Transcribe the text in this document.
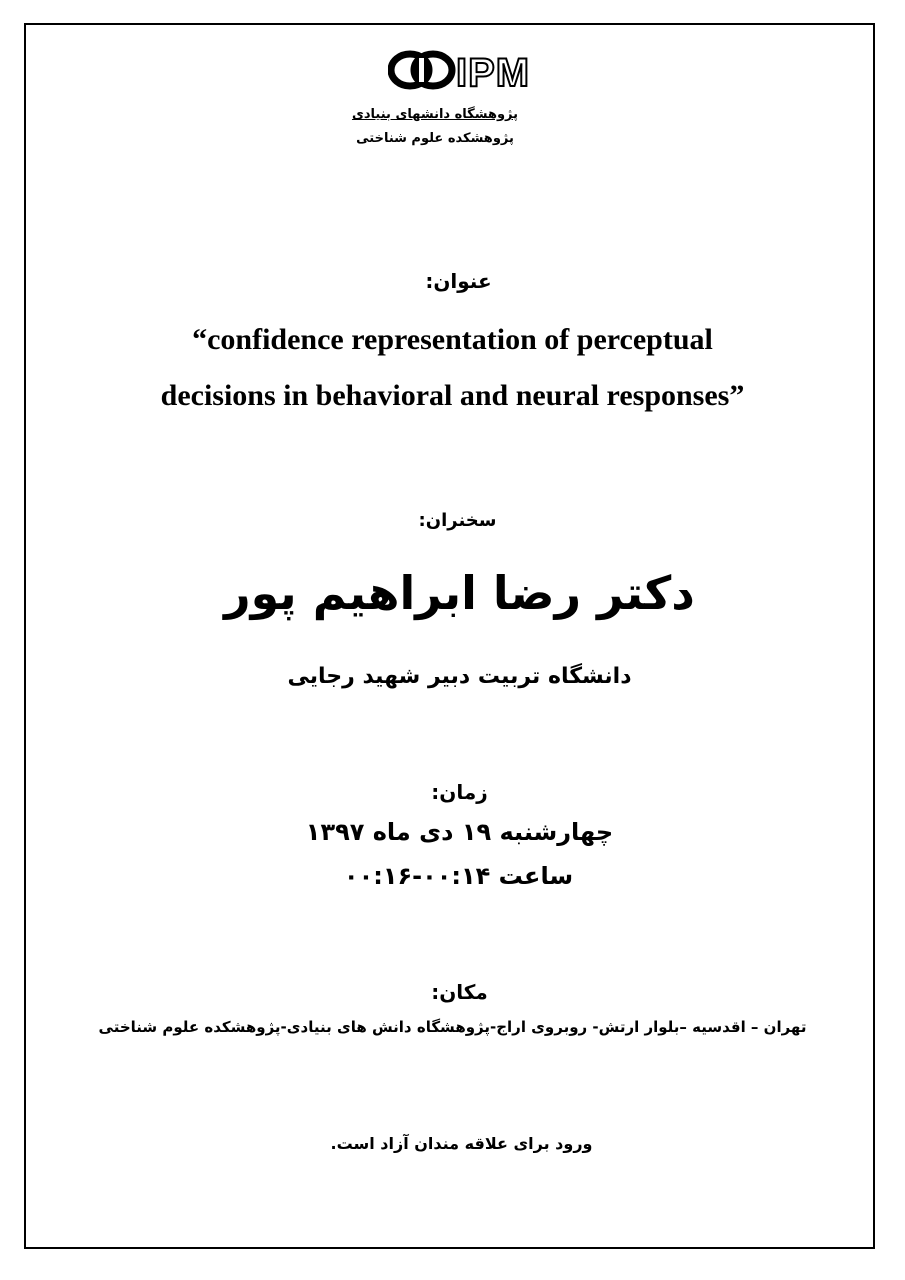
IPM
پژوهشگاه دانشهای بنیادی
پژوهشکده علوم شناختی
عنوان:
“confidence representation of perceptual
decisions in behavioral and neural responses”
سخنران:
دکتر رضا ابراهیم پور
دانشگاه تربیت دبیر شهید رجایی
زمان:
چهارشنبه ۱۹ دی ماه ۱۳۹۷
ساعت ۰۰:۱۴-۰۰:۱۶
مکان:
تهران – اقدسیه –بلوار ارتش- روبروی اراج-پژوهشگاه دانش های بنیادی-پژوهشکده علوم شناختی
ورود برای علاقه مندان آزاد است.
